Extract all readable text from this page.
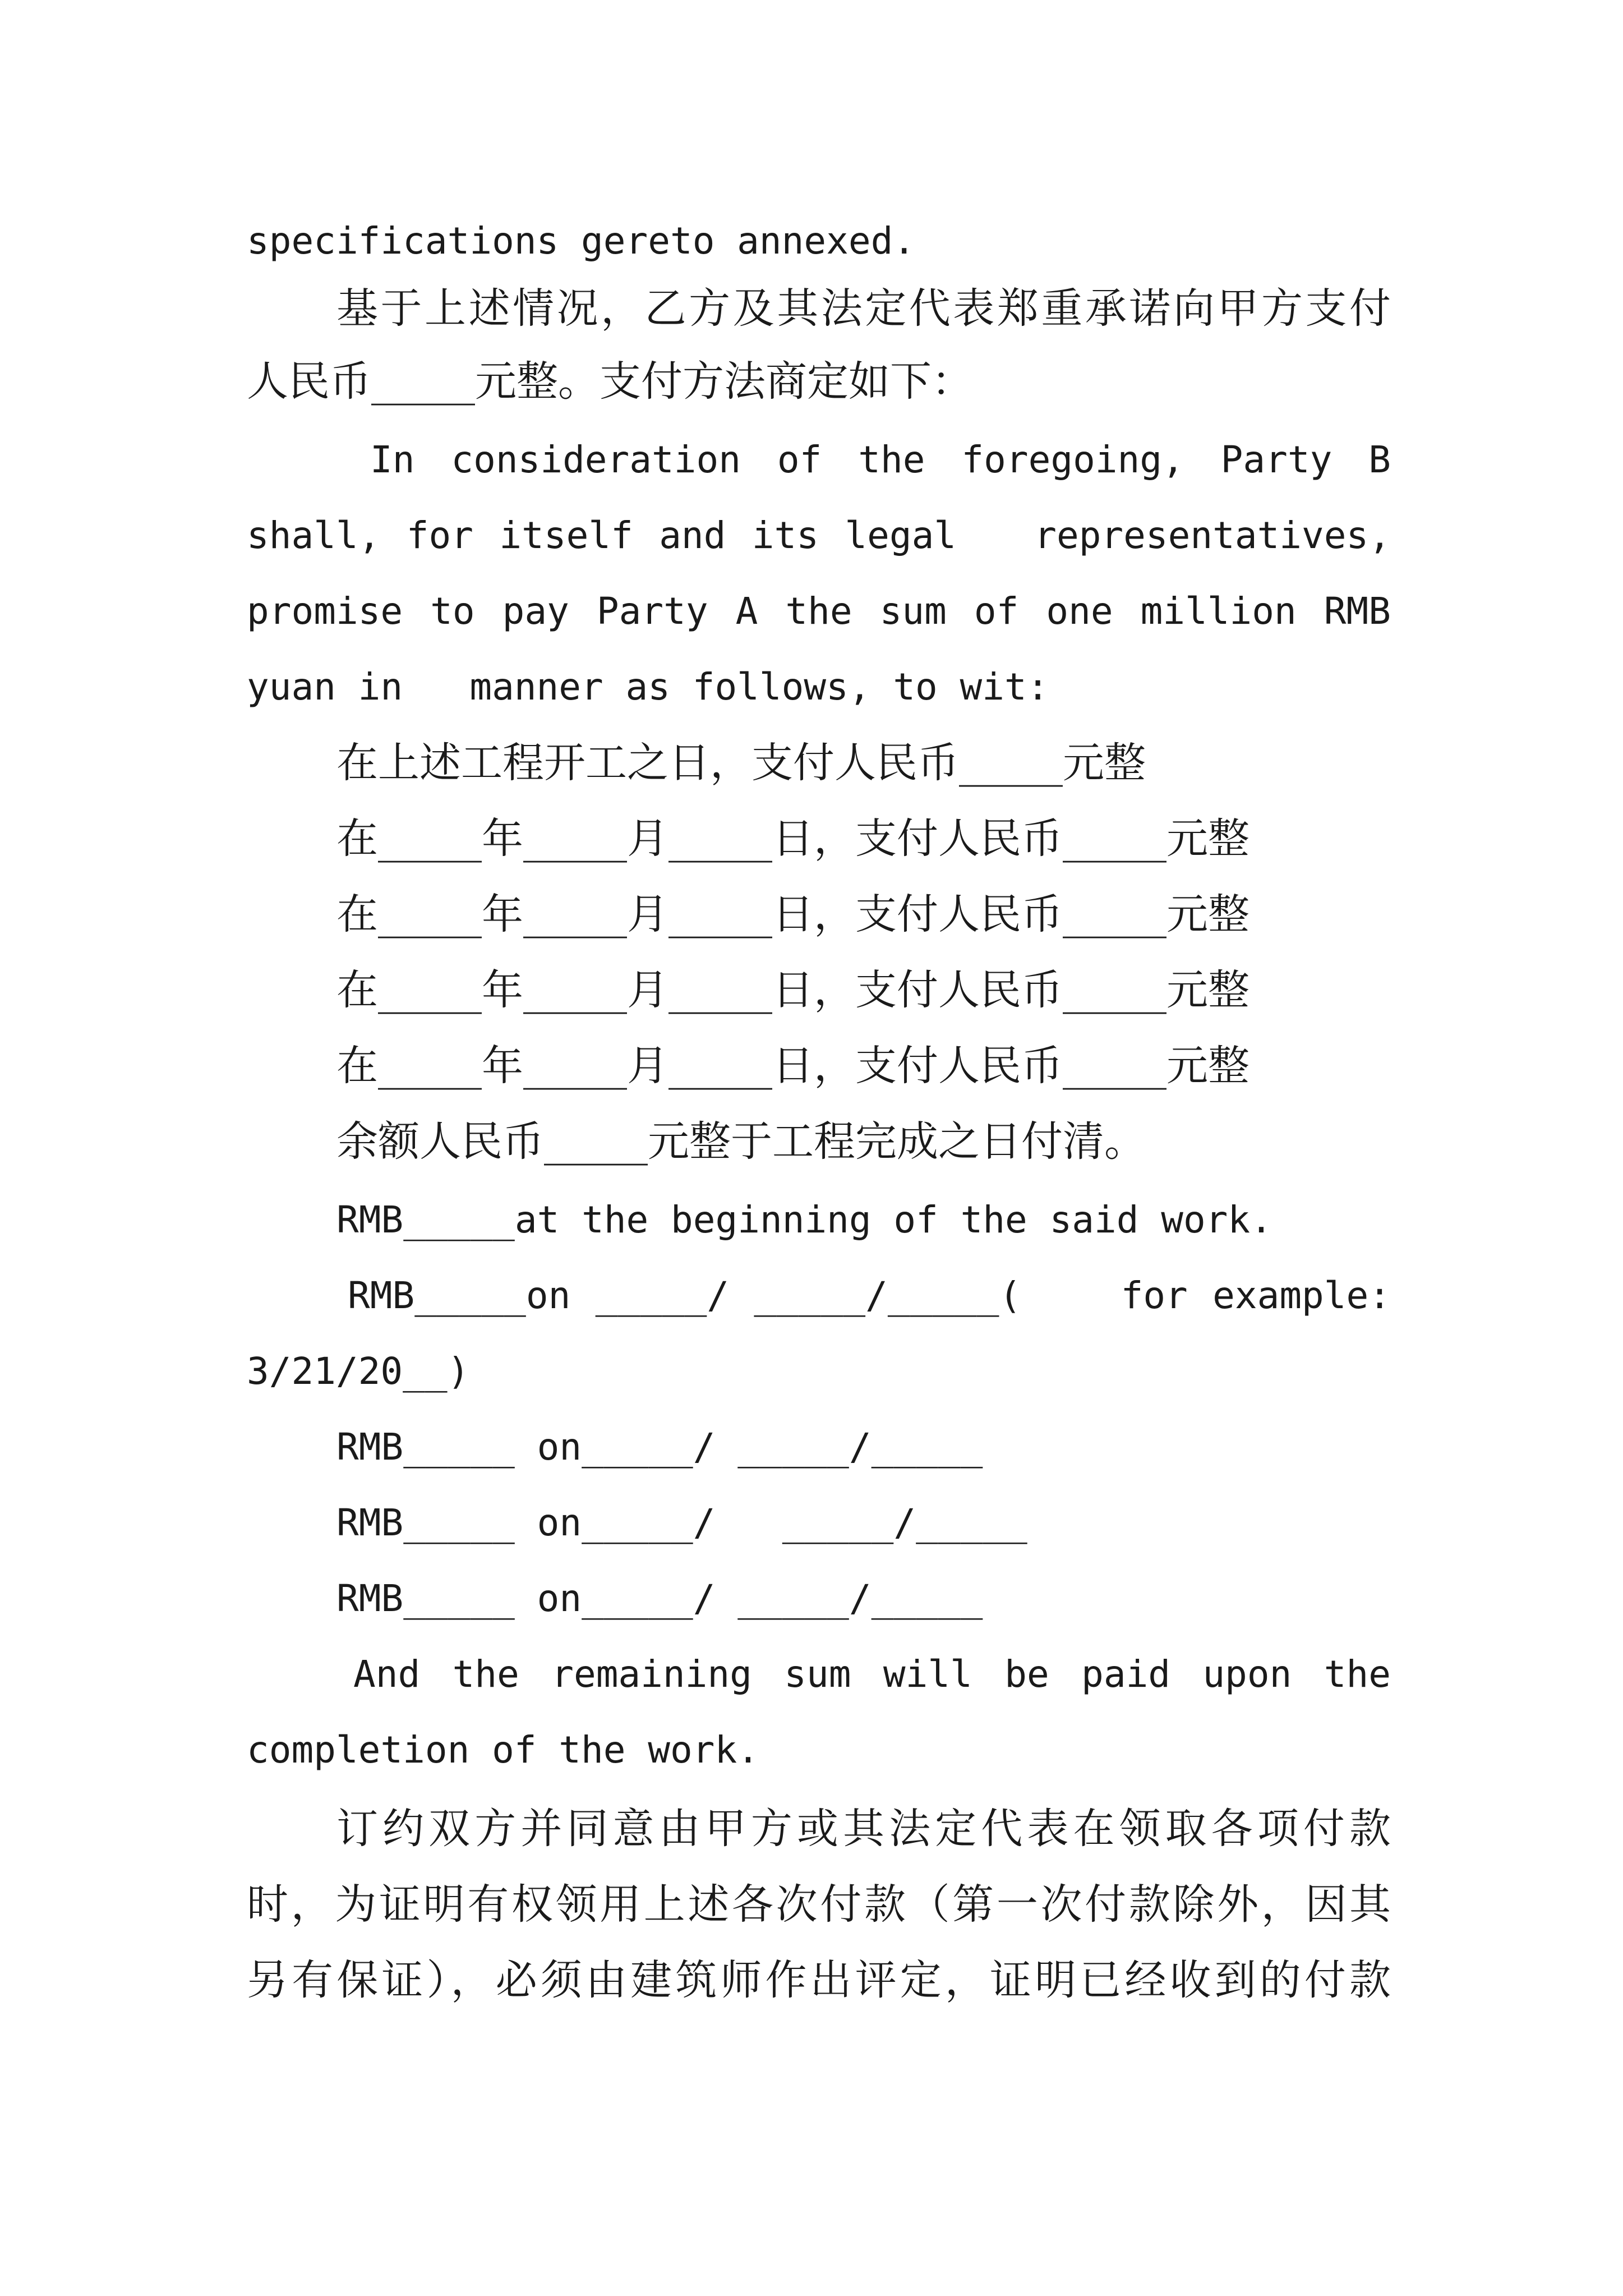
specifications gereto annexed.
基于上述情况，乙方及其法定代表郑重承诺向甲方支付
人民币_____元整。支付方法商定如下：
In consideration of the foregoing, Party B
shall, for itself and its legal   representatives,
promise to pay Party A the sum of one million RMB
yuan in   manner as follows, to wit:
在上述工程开工之日，支付人民币_____元整
在_____年_____月_____日，支付人民币_____元整
在_____年_____月_____日，支付人民币_____元整
在_____年_____月_____日，支付人民币_____元整
在_____年_____月_____日，支付人民币_____元整
余额人民币_____元整于工程完成之日付清。
RMB_____at the beginning of the said work.
RMB_____on _____/ _____/_____(    for example:
3/21/20__)
RMB_____ on_____/ _____/_____
RMB_____ on_____/   _____/_____
RMB_____ on_____/ _____/_____
And the remaining sum will be paid upon the
completion of the work.
订约双方并同意由甲方或其法定代表在领取各项付款
时，为证明有权领用上述各次付款（第一次付款除外，因其
另有保证），必须由建筑师作出评定，证明已经收到的付款
